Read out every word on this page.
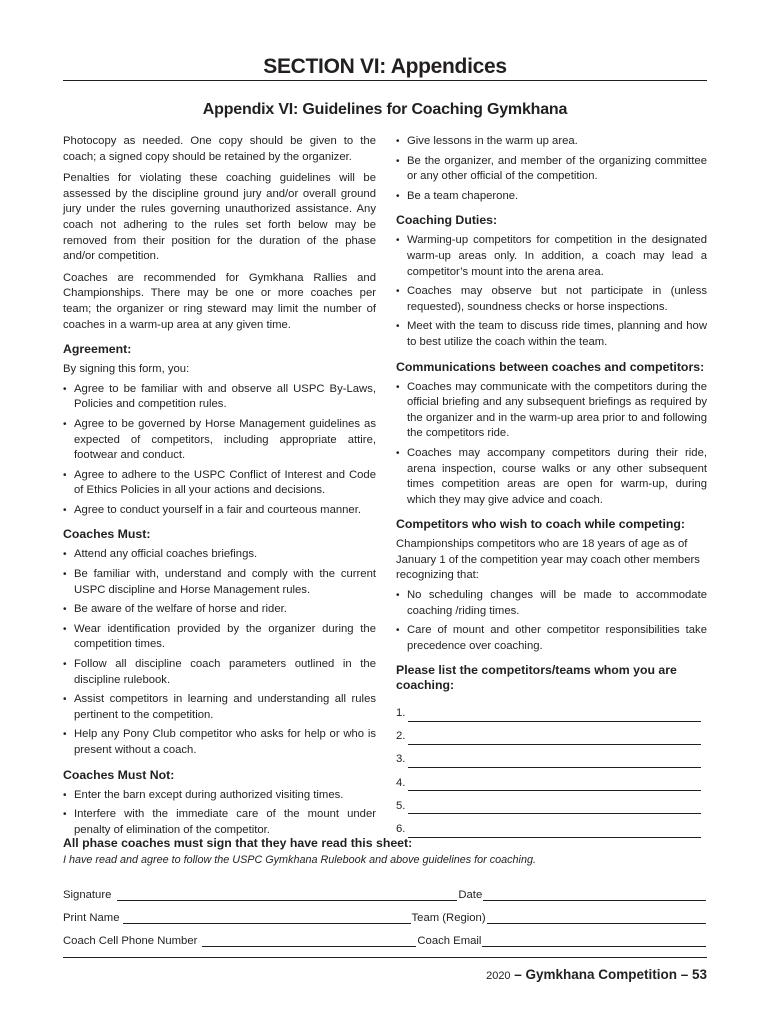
SECTION VI: Appendices
Appendix VI: Guidelines for Coaching Gymkhana

Photocopy as needed. One copy should be given to the coach; a signed copy should be retained by the organizer.

Penalties for violating these coaching guidelines will be assessed by the discipline ground jury and/or overall ground jury under the rules governing unauthorized assistance. Any coach not adhering to the rules set forth below may be removed from their position for the duration of the phase and/or competition.

Coaches are recommended for Gymkhana Rallies and Championships. There may be one or more coaches per team; the organizer or ring steward may limit the number of coaches in a warm-up area at any given time.

Agreement:

By signing this form, you:

• Agree to be familiar with and observe all USPC By-Laws, Policies and competition rules.
• Agree to be governed by Horse Management guidelines as expected of competitors, including appropriate attire, footwear and conduct.
• Agree to adhere to the USPC Conflict of Interest and Code of Ethics Policies in all your actions and decisions.
• Agree to conduct yourself in a fair and courteous manner.
Coaches Must:
• Attend any official coaches briefings.
• Be familiar with, understand and comply with the current USPC discipline and Horse Management rules.
• Be aware of the welfare of horse and rider.
• Wear identification provided by the organizer during the competition times.
• Follow all discipline coach parameters outlined in the discipline rulebook.
• Assist competitors in learning and understanding all rules pertinent to the competition.
• Help any Pony Club competitor who asks for help or who is present without a coach.
Coaches Must Not:
• Enter the barn except during authorized visiting times.
• Interfere with the immediate care of the mount under penalty of elimination of the competitor.
• Give lessons in the warm up area.
• Be the organizer, and member of the organizing committee or any other official of the competition.
• Be a team chaperone.
Coaching Duties:
• Warming-up competitors for competition in the designated warm-up areas only. In addition, a coach may lead a competitor’s mount into the arena area.
• Coaches may observe but not participate in (unless requested), soundness checks or horse inspections.
• Meet with the team to discuss ride times, planning and how to best utilize the coach within the team.
Communications between coaches and competitors:
• Coaches may communicate with the competitors during the official briefing and any subsequent briefings as required by the organizer and in the warm-up area prior to and following the competitors ride.
• Coaches may accompany competitors during their ride, arena inspection, course walks or any other subsequent times competition areas are open for warm-up, during which they may give advice and coach.
Competitors who wish to coach while competing:

Championships competitors who are 18 years of age as of January 1 of the competition year may coach other members recognizing that:

• No scheduling changes will be made to accommodate coaching /riding times.
• Care of mount and other competitor responsibilities take precedence over coaching.
Please list the competitors/teams whom you are coaching:
1.
2.
3.
4.
5.
6.
All phase coaches must sign that they have read this sheet:
I have read and agree to follow the USPC Gymkhana Rulebook and above guidelines for coaching.
Signature	Date
Print Name	Team (Region)
Coach Cell Phone Number	Coach Email
2020 – Gymkhana Competition – 53
